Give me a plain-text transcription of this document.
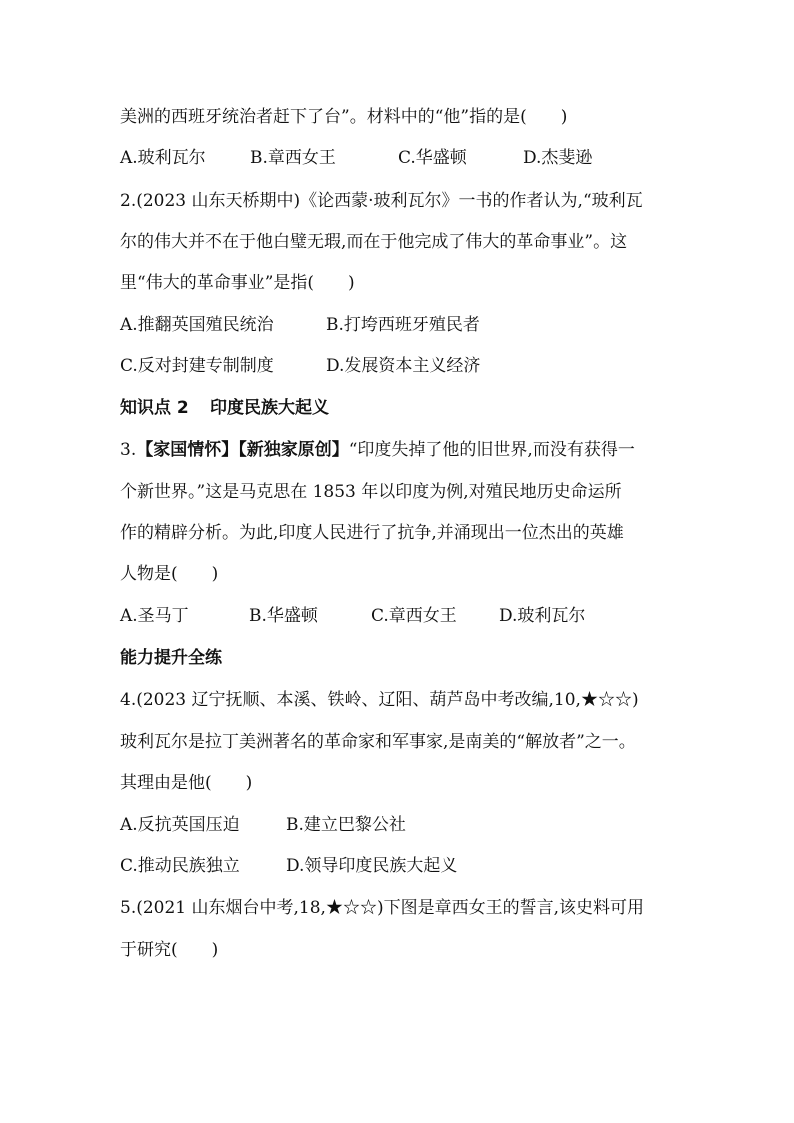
美洲的西班牙统治者赶下了台”。材料中的“他”指的是(　　)
A.玻利瓦尔	B.章西女王	C.华盛顿	D.杰斐逊
2.(2023 山东天桥期中)《论西蒙·玻利瓦尔》一书的作者认为,“玻利瓦
尔的伟大并不在于他白璧无瑕,而在于他完成了伟大的革命事业”。这
里“伟大的革命事业”是指(　　)
A.推翻英国殖民统治	B.打垮西班牙殖民者
C.反对封建专制制度	D.发展资本主义经济
知识点 2 印度民族大起义
3.【家国情怀】【新独家原创】“印度失掉了他的旧世界,而没有获得一
个新世界。”这是马克思在 1853 年以印度为例,对殖民地历史命运所
作的精辟分析。为此,印度人民进行了抗争,并涌现出一位杰出的英雄
人物是(　　)
A.圣马丁	B.华盛顿	C.章西女王 D.玻利瓦尔
能力提升全练
4.(2023 辽宁抚顺、本溪、铁岭、辽阳、葫芦岛中考改编,10,★☆☆)
玻利瓦尔是拉丁美洲著名的革命家和军事家,是南美的“解放者”之一。
其理由是他(　　)
A.反抗英国压迫	B.建立巴黎公社
C.推动民族独立	D.领导印度民族大起义
5.(2021 山东烟台中考,18,★☆☆)下图是章西女王的誓言,该史料可用
于研究(　　)
